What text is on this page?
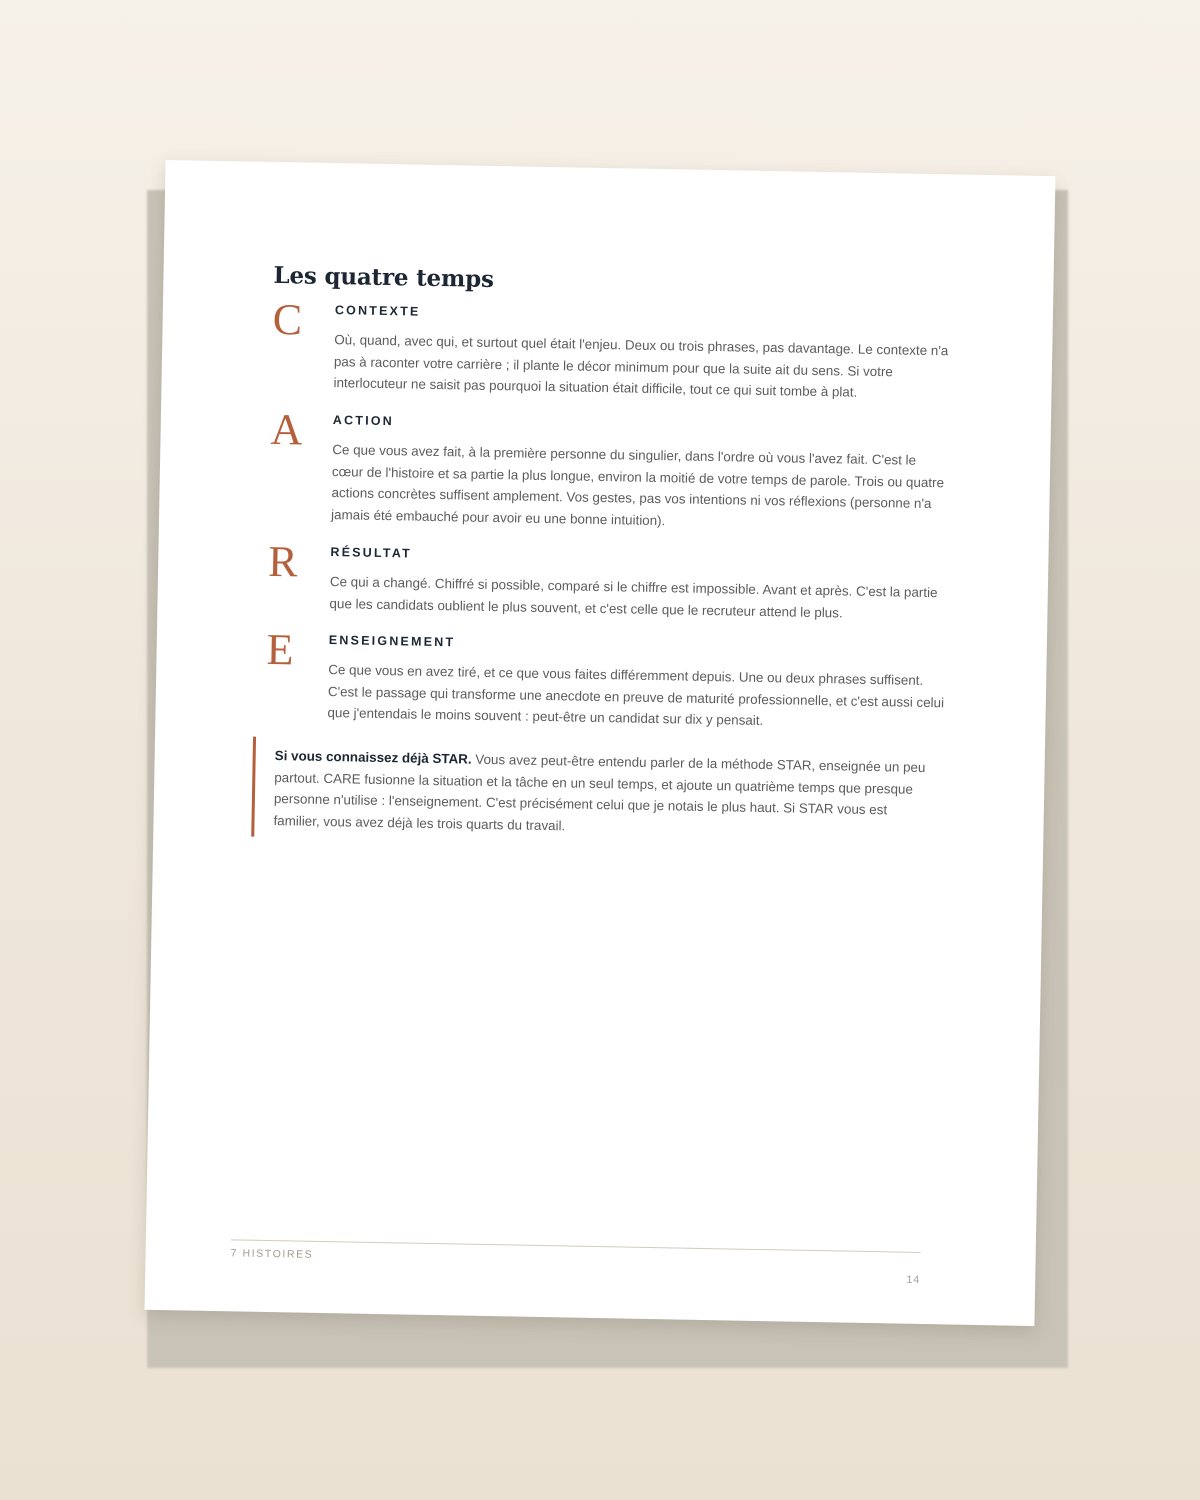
Les quatre temps
C	CONTEXTE

Où, quand, avec qui, et surtout quel était l'enjeu. Deux ou trois phrases, pas davantage. Le contexte n'a pas à raconter votre carrière ; il plante le décor minimum pour que la suite ait du sens. Si votre interlocuteur ne saisit pas pourquoi la situation était difficile, tout ce qui suit tombe à plat.

A ACTION

Ce que vous avez fait, à la première personne du singulier, dans l'ordre où vous l'avez fait. C'est le cœur de l'histoire et sa partie la plus longue, environ la moitié de votre temps de parole. Trois ou quatre actions concrètes suffisent amplement. Vos gestes, pas vos intentions ni vos réflexions (personne n'a jamais été embauché pour avoir eu une bonne intuition).

R	RÉSULTAT

Ce qui a changé. Chiffré si possible, comparé si le chiffre est impossible. Avant et après. C'est la partie que les candidats oublient le plus souvent, et c'est celle que le recruteur attend le plus.

E	ENSEIGNEMENT

Ce que vous en avez tiré, et ce que vous faites différemment depuis. Une ou deux phrases suffisent. C'est le passage qui transforme une anecdote en preuve de maturité professionnelle, et c'est aussi celui que j'entendais le moins souvent : peut-être un candidat sur dix y pensait.

Si vous connaissez déjà STAR. Vous avez peut-être entendu parler de la méthode STAR, enseignée un peu partout. CARE fusionne la situation et la tâche en un seul temps, et ajoute un quatrième temps que presque personne n'utilise : l'enseignement. C'est précisément celui que je notais le plus haut. Si STAR vous est familier, vous avez déjà les trois quarts du travail.
7 HISTOIRES
14
